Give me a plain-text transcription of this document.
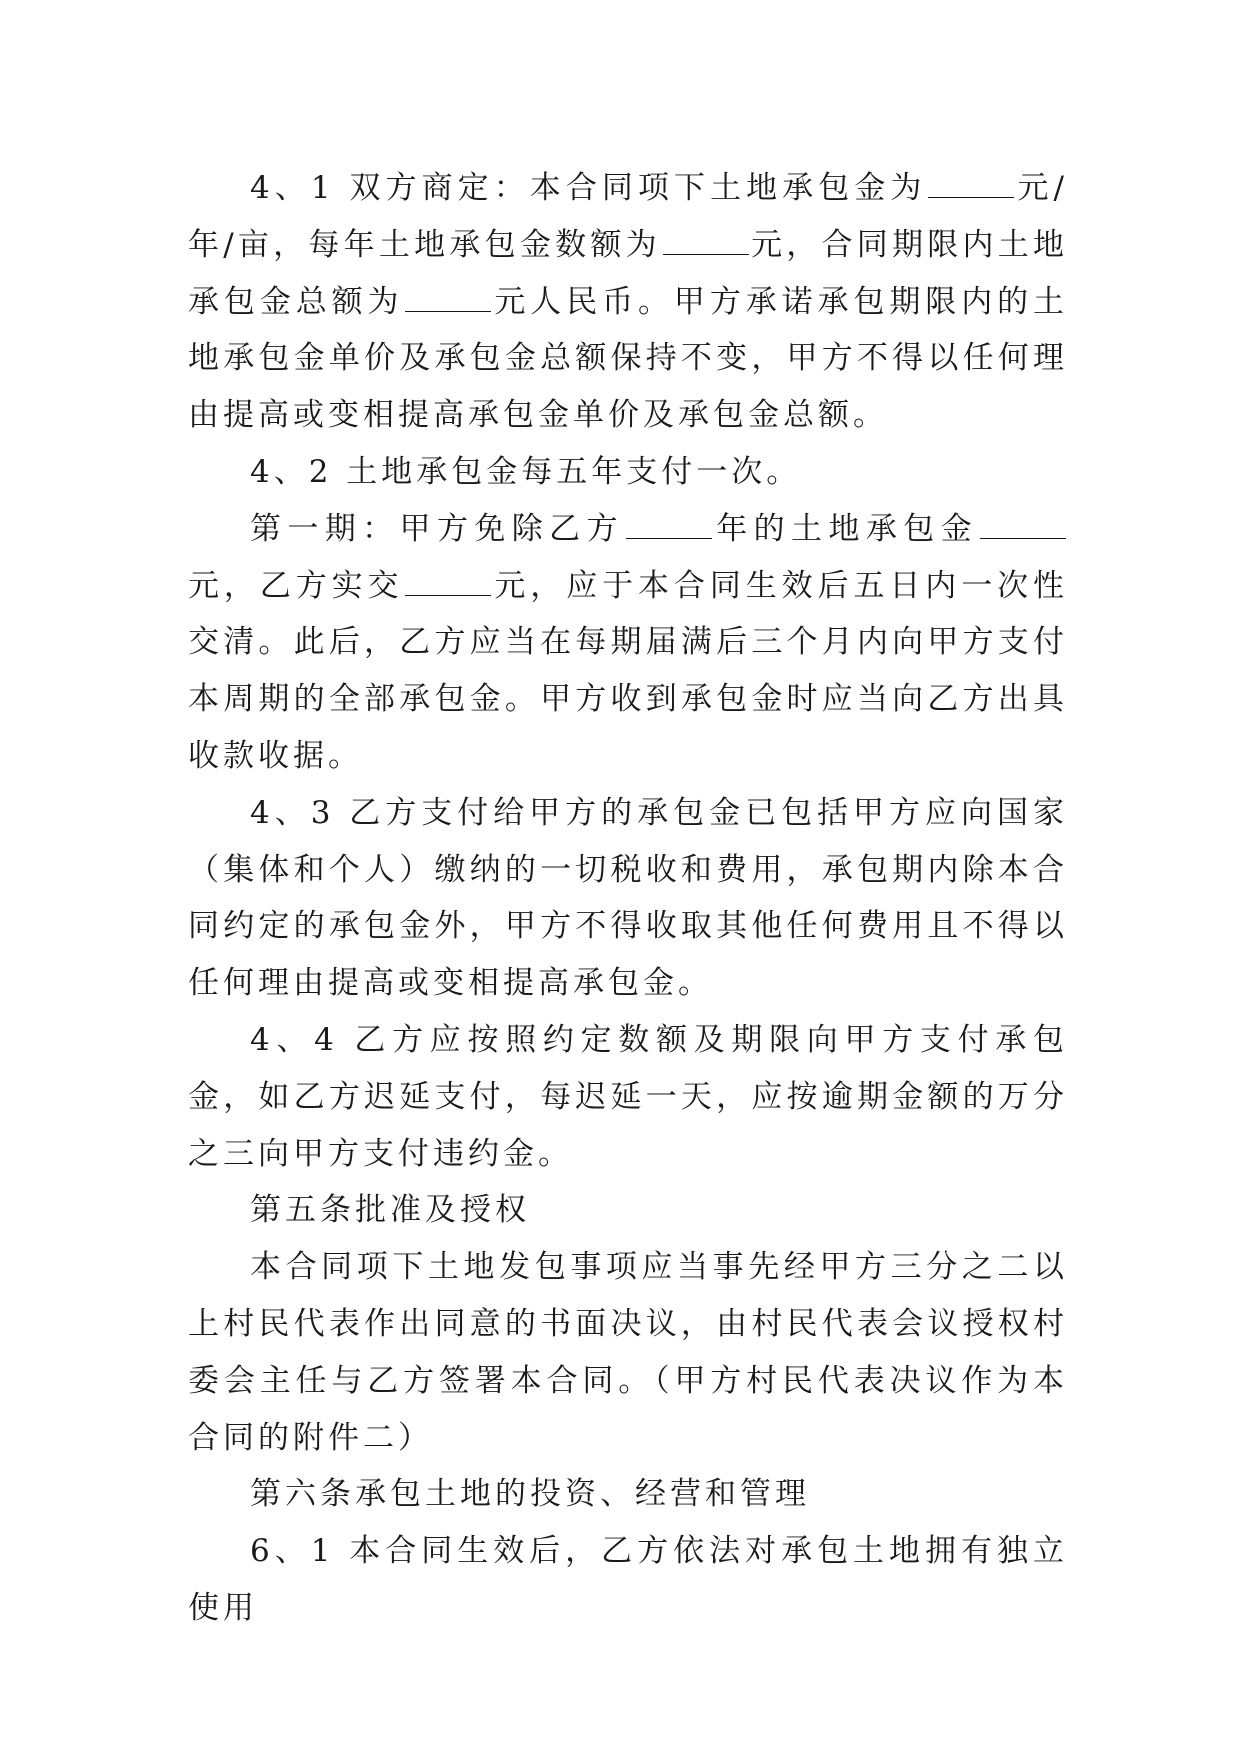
4、1 双方商定：本合同项下土地承包金为	元/年/亩，每年土地承包金数额为	元，合同期限内土地承包金总额为	元人民币。甲方承诺承包期限内的土地承包金单价及承包金总额保持不变，甲方不得以任何理由提高或变相提高承包金单价及承包金总额。

4、2 土地承包金每五年支付一次。

第一期：甲方免除乙方	年的土地承包金元，乙方实交	元，应于本合同生效后五日内一次性交清。此后，乙方应当在每期届满后三个月内向甲方支付本周期的全部承包金。甲方收到承包金时应当向乙方出具收款收据。

4、3 乙方支付给甲方的承包金已包括甲方应向国家（集体和个人）缴纳的一切税收和费用，承包期内除本合同约定的承包金外，甲方不得收取其他任何费用且不得以任何理由提高或变相提高承包金。

4、4 乙方应按照约定数额及期限向甲方支付承包金，如乙方迟延支付，每迟延一天，应按逾期金额的万分之三向甲方支付违约金。

第五条批准及授权

本合同项下土地发包事项应当事先经甲方三分之二以上村民代表作出同意的书面决议，由村民代表会议授权村委会主任与乙方签署本合同。（甲方村民代表决议作为本合同的附件二）

第六条承包土地的投资、经营和管理

6、1 本合同生效后，乙方依法对承包土地拥有独立使用
